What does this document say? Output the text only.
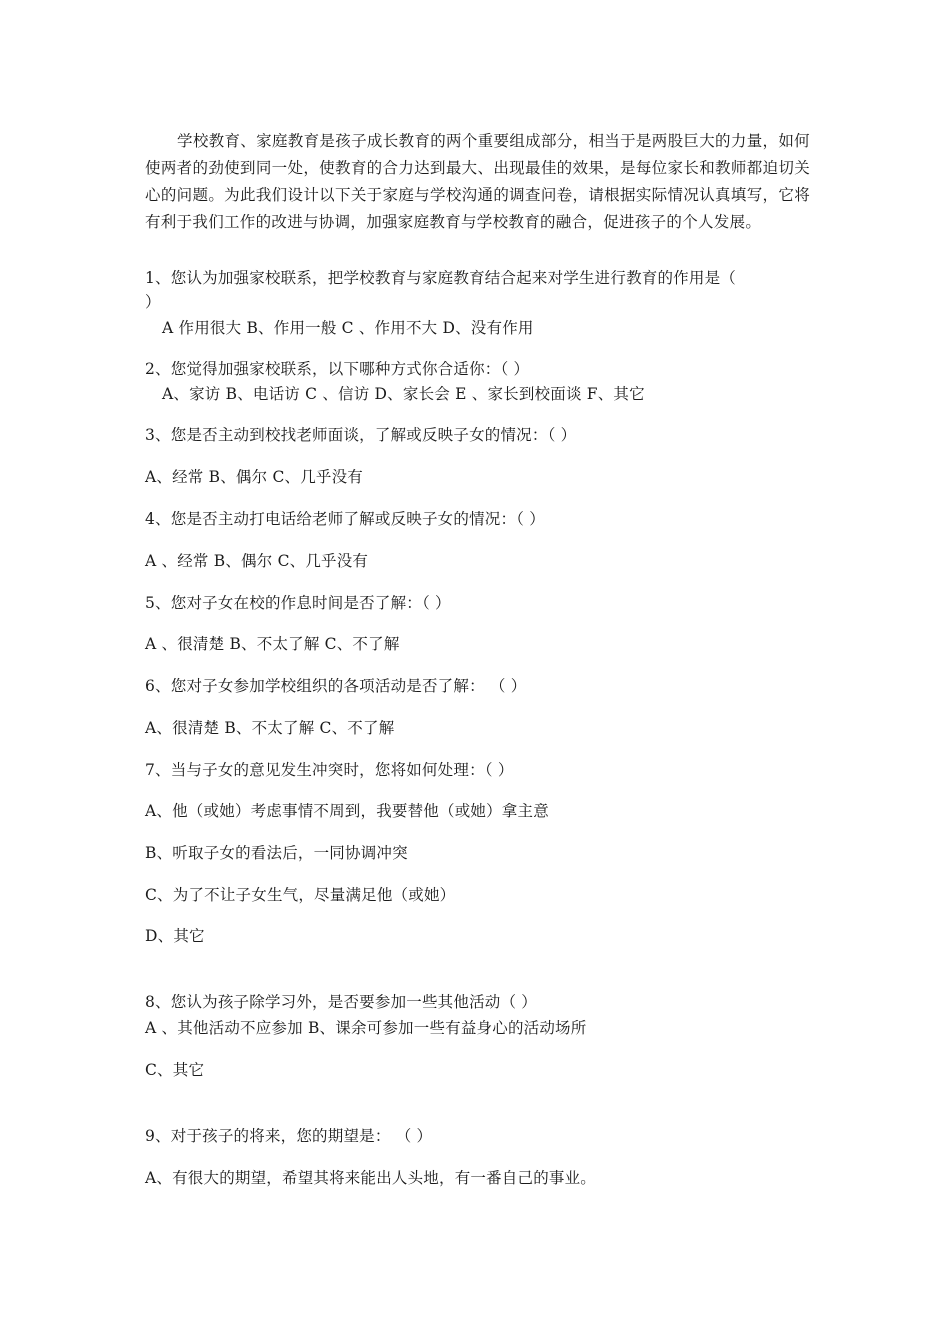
学校教育、家庭教育是孩子成长教育的两个重要组成部分，相当于是两股巨大的力量，如何使两者的劲使到同一处，使教育的合力达到最大、出现最佳的效果，是每位家长和教师都迫切关心的问题。为此我们设计以下关于家庭与学校沟通的调查问卷，请根据实际情况认真填写，它将有利于我们工作的改进与协调，加强家庭教育与学校教育的融合，促进孩子的个人发展。
1、您认为加强家校联系，把学校教育与家庭教育结合起来对学生进行教育的作用是（
）
A 作用很大 B、作用一般 C 、作用不大 D、没有作用
2、您觉得加强家校联系，以下哪种方式你合适你：（ ）
A、家访 B、电话访 C 、信访 D、家长会 E 、家长到校面谈 F、其它
3、您是否主动到校找老师面谈，了解或反映子女的情况：（ ）
A、经常 B、偶尔 C、几乎没有
4、您是否主动打电话给老师了解或反映子女的情况：（ ）
A 、经常 B、偶尔 C、几乎没有
5、您对子女在校的作息时间是否了解：（ ）
A 、很清楚 B、不太了解 C、不了解
6、您对子女参加学校组织的各项活动是否了解： （ ）
A、很清楚 B、不太了解 C、不了解
7、当与子女的意见发生冲突时，您将如何处理：（ ）
A、他（或她）考虑事情不周到，我要替他（或她）拿主意
B、听取子女的看法后，一同协调冲突
C、为了不让子女生气，尽量满足他（或她）
D、其它
8、您认为孩子除学习外，是否要参加一些其他活动（ ）
A 、其他活动不应参加 B、课余可参加一些有益身心的活动场所
C、其它
9、对于孩子的将来，您的期望是： （ ）
A、有很大的期望，希望其将来能出人头地，有一番自己的事业。
